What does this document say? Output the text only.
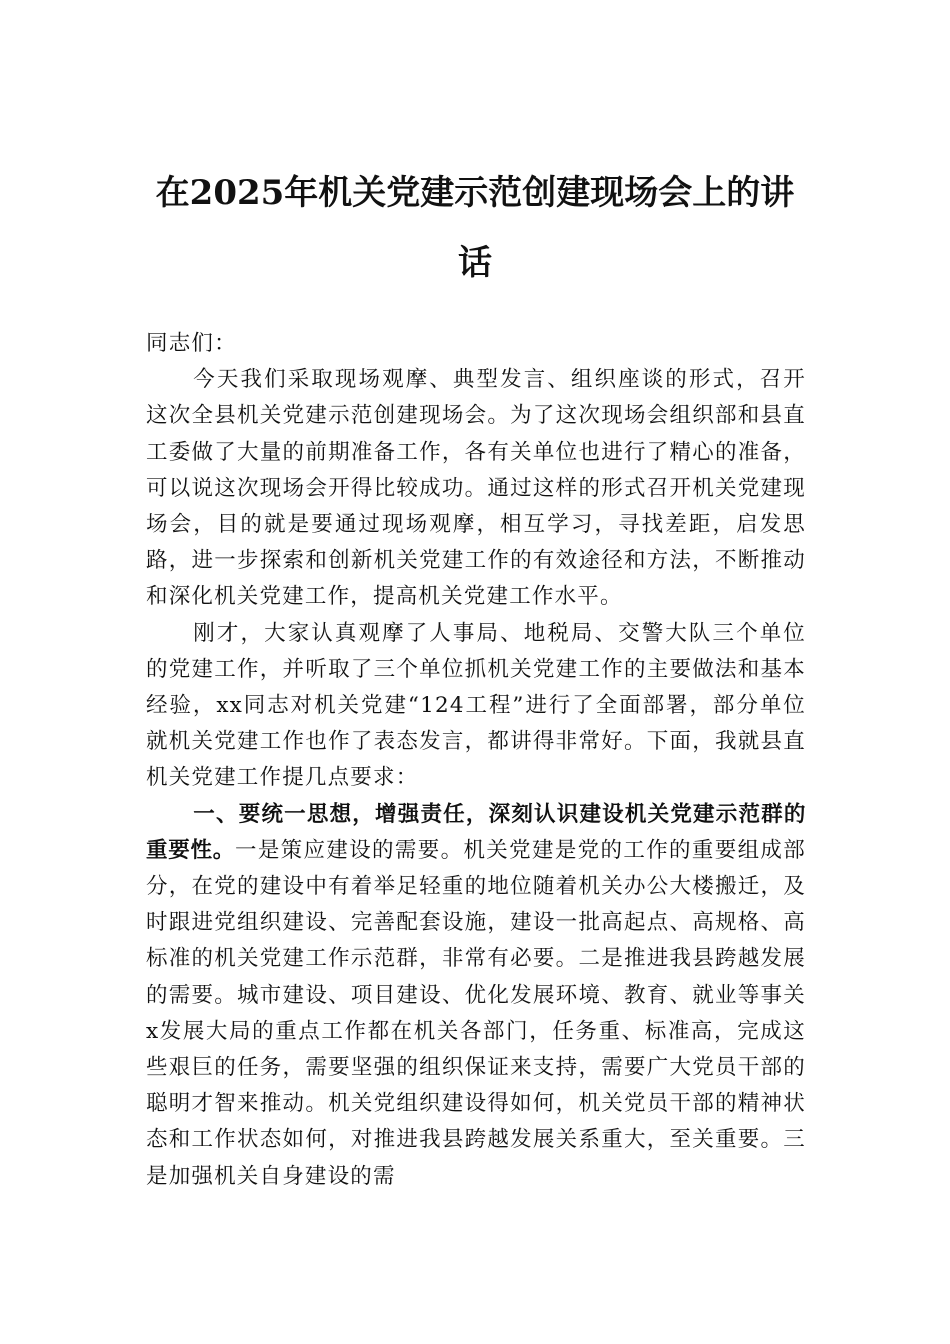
在2025年机关党建示范创建现场会上的讲话

同志们：

今天我们采取现场观摩、典型发言、组织座谈的形式，召开这次全县机关党建示范创建现场会。为了这次现场会组织部和县直工委做了大量的前期准备工作，各有关单位也进行了精心的准备，可以说这次现场会开得比较成功。通过这样的形式召开机关党建现场会，目的就是要通过现场观摩，相互学习，寻找差距，启发思路，进一步探索和创新机关党建工作的有效途径和方法，不断推动和深化机关党建工作，提高机关党建工作水平。

刚才，大家认真观摩了人事局、地税局、交警大队三个单位的党建工作，并听取了三个单位抓机关党建工作的主要做法和基本经验，xx同志对机关党建“124工程”进行了全面部署，部分单位就机关党建工作也作了表态发言，都讲得非常好。下面，我就县直机关党建工作提几点要求：

一、要统一思想，增强责任，深刻认识建设机关党建示范群的重要性。一是策应建设的需要。机关党建是党的工作的重要组成部分，在党的建设中有着举足轻重的地位随着机关办公大楼搬迁，及时跟进党组织建设、完善配套设施，建设一批高起点、高规格、高标准的机关党建工作示范群，非常有必要。二是推进我县跨越发展的需要。城市建设、项目建设、优化发展环境、教育、就业等事关x发展大局的重点工作都在机关各部门，任务重、标准高，完成这些艰巨的任务，需要坚强的组织保证来支持，需要广大党员干部的聪明才智来推动。机关党组织建设得如何，机关党员干部的精神状态和工作状态如何，对推进我县跨越发展关系重大，至关重要。三是加强机关自身建设的需
